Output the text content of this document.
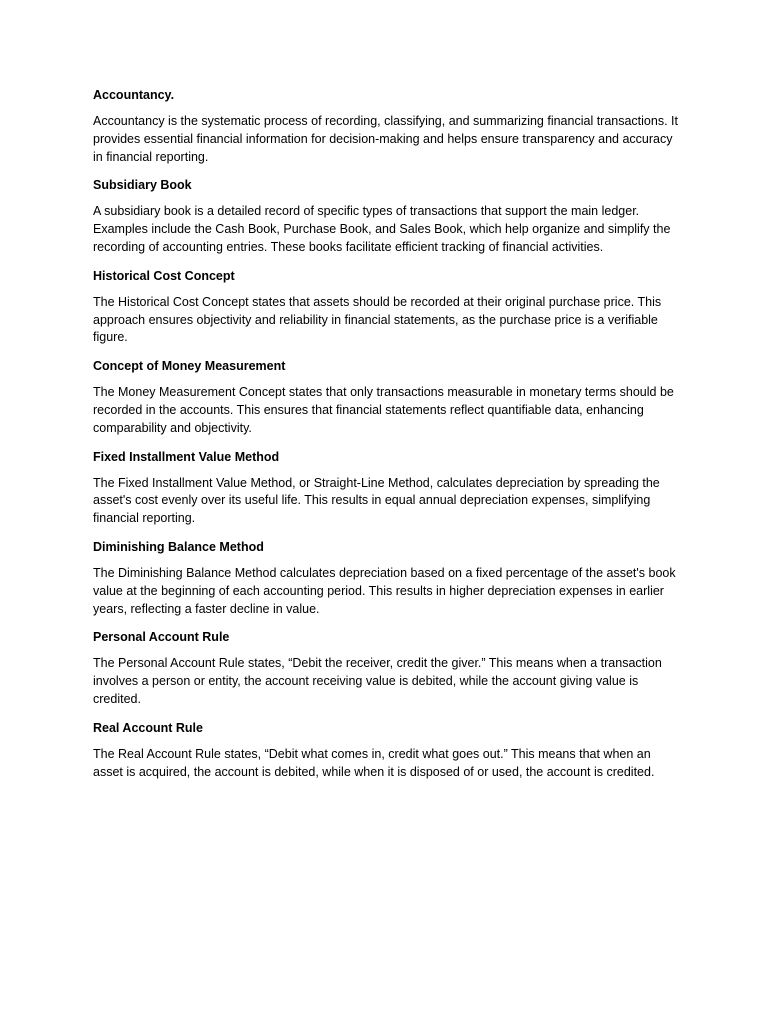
Accountancy.
Accountancy is the systematic process of recording, classifying, and summarizing financial transactions. It provides essential financial information for decision-making and helps ensure transparency and accuracy in financial reporting.
Subsidiary Book
A subsidiary book is a detailed record of specific types of transactions that support the main ledger. Examples include the Cash Book, Purchase Book, and Sales Book, which help organize and simplify the recording of accounting entries. These books facilitate efficient tracking of financial activities.
Historical Cost Concept
The Historical Cost Concept states that assets should be recorded at their original purchase price. This approach ensures objectivity and reliability in financial statements, as the purchase price is a verifiable figure.
Concept of Money Measurement
The Money Measurement Concept states that only transactions measurable in monetary terms should be recorded in the accounts. This ensures that financial statements reflect quantifiable data, enhancing comparability and objectivity.
Fixed Installment Value Method
The Fixed Installment Value Method, or Straight-Line Method, calculates depreciation by spreading the asset's cost evenly over its useful life. This results in equal annual depreciation expenses, simplifying financial reporting.
Diminishing Balance Method
The Diminishing Balance Method calculates depreciation based on a fixed percentage of the asset's book value at the beginning of each accounting period. This results in higher depreciation expenses in earlier years, reflecting a faster decline in value.
Personal Account Rule
The Personal Account Rule states, “Debit the receiver, credit the giver.” This means when a transaction involves a person or entity, the account receiving value is debited, while the account giving value is credited.
Real Account Rule
The Real Account Rule states, “Debit what comes in, credit what goes out.” This means that when an asset is acquired, the account is debited, while when it is disposed of or used, the account is credited.
